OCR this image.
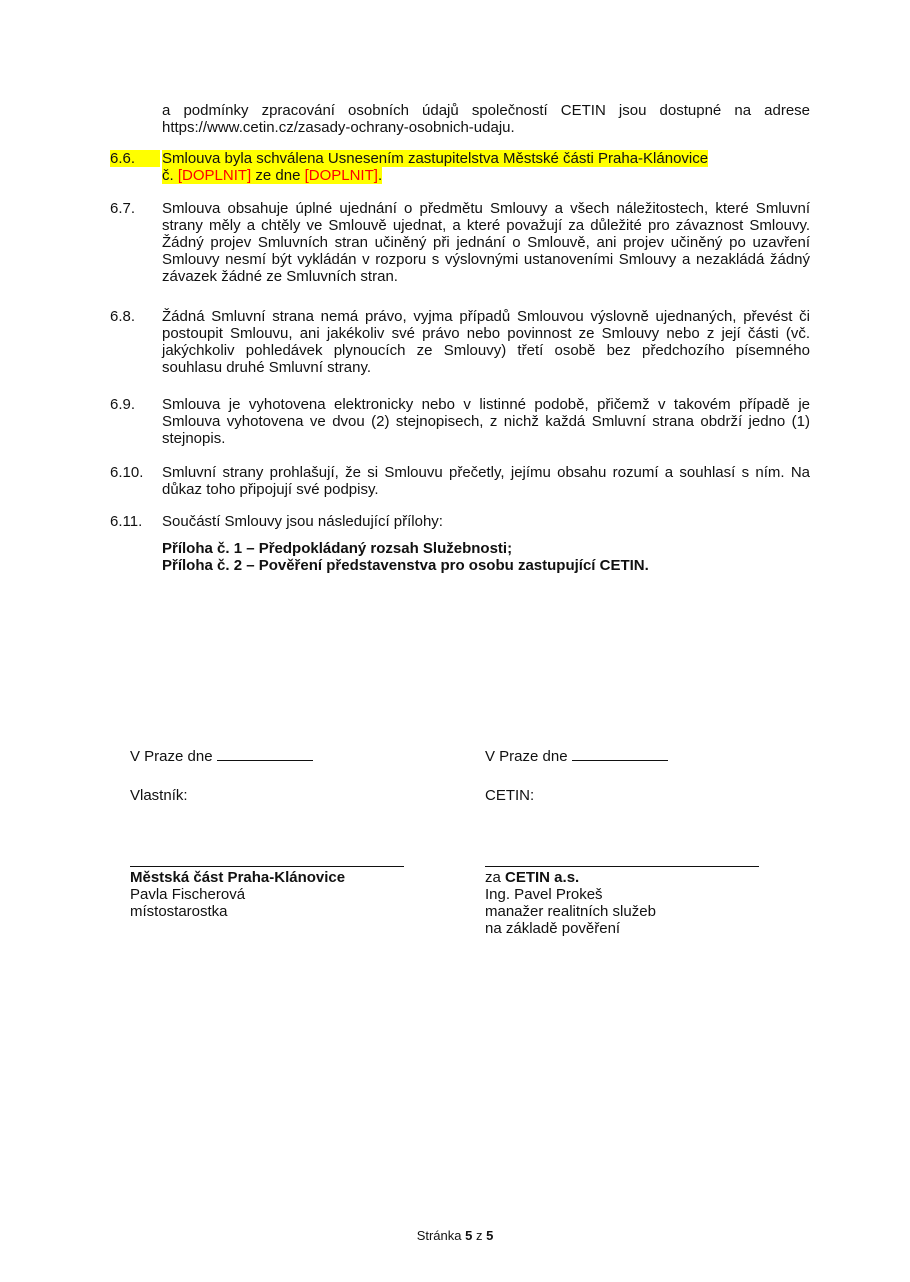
a podmínky zpracování osobních údajů společností CETIN jsou dostupné na adrese https://www.cetin.cz/zasady-ochrany-osobnich-udaju.
6.6.	Smlouva byla schválena Usnesením zastupitelstva Městské části Praha-Klánovice
č. [DOPLNIT] ze dne [DOPLNIT].
6.7.	Smlouva obsahuje úplné ujednání o předmětu Smlouvy a všech náležitostech, které Smluvní strany měly a chtěly ve Smlouvě ujednat, a které považují za důležité pro závaznost Smlouvy. Žádný projev Smluvních stran učiněný při jednání o Smlouvě, ani projev učiněný po uzavření Smlouvy nesmí být vykládán v rozporu s výslovnými ustanoveními Smlouvy a nezakládá žádný závazek žádné ze Smluvních stran.
6.8.	Žádná Smluvní strana nemá právo, vyjma případů Smlouvou výslovně ujednaných, převést či postoupit Smlouvu, ani jakékoliv své právo nebo povinnost ze Smlouvy nebo z její části (vč. jakýchkoliv pohledávek plynoucích ze Smlouvy) třetí osobě bez předchozího písemného souhlasu druhé Smluvní strany.
6.9.	Smlouva je vyhotovena elektronicky nebo v listinné podobě, přičemž v takovém případě je Smlouva vyhotovena ve dvou (2) stejnopisech, z nichž každá Smluvní strana obdrží jedno (1) stejnopis.
6.10.	Smluvní strany prohlašují, že si Smlouvu přečetly, jejímu obsahu rozumí a souhlasí s ním. Na důkaz toho připojují své podpisy.
6.11.	Součástí Smlouvy jsou následující přílohy:
Příloha č. 1 – Předpokládaný rozsah Služebnosti;
Příloha č. 2 – Pověření představenstva pro osobu zastupující CETIN.
V Praze dne
Vlastník:
Městská část Praha-Klánovice
Pavla Fischerová
místostarostka
V Praze dne
CETIN:
za CETIN a.s.
Ing. Pavel Prokeš
manažer realitních služeb
na základě pověření
Stránka 5 z 5
